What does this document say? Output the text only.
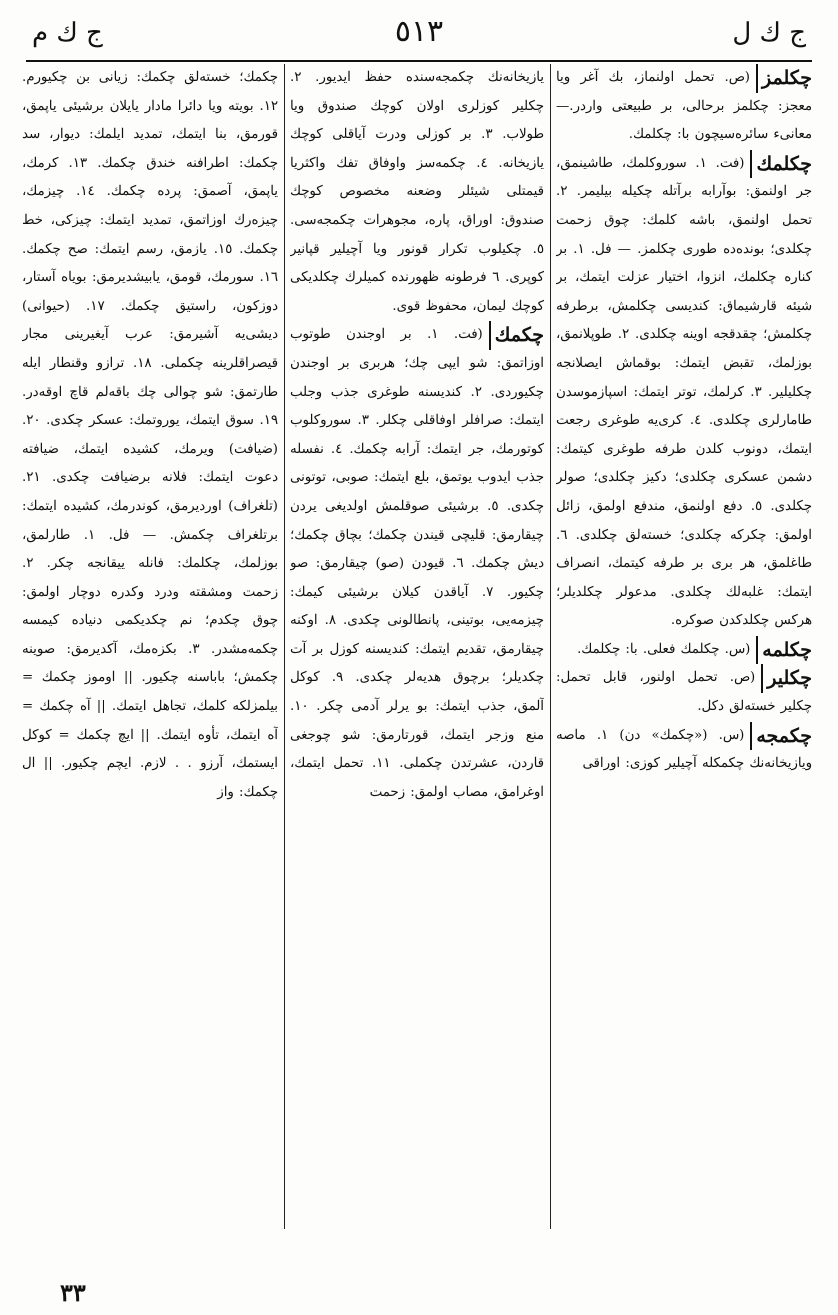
ج ك ل
٥١٣
ج ك م

چكلمز
(ص. تحمل اولنماز، بك آغر ويا معجز: چكلمز برحالى، بر طبيعتى واردر.— معانىء سائره‌سيچون با: چكلمك.

چكلمك
(فت. ١. سوروكلمك، طاشينمق، جر اولنمق: بوآرابه برآتله چكيله بيليمر. ٢. تحمل اولنمق، باشه كلمك: چوق زحمت چكلدى؛ بونده‌ده طورى چكلمز. — فل. ١. بر كناره چكلمك، انزوا، اختيار عزلت ايتمك، بر شيئه قارشيماق: كنديسى چكلمش، برطرفه چكلمش؛ چقدقجه اوينه چكلدى. ٢. طوپلانمق، بوزلمك، تقبض ايتمك: بوقماش ايصلانجه چكليلير. ٣. كرلمك، توتر ايتمك: اسپازموسدن طامارلرى چكلدى. ٤. كرى‌يه طوغرى رجعت ايتمك، دونوب كلدن طرفه طوغرى كيتمك: دشمن عسكرى چكلدى؛ دكيز چكلدى؛ صولر چكلدى. ٥. دفع اولنمق، مندفع اولمق، زائل اولمق: چكركه چكلدى؛ خسته‌لق چكلدى. ٦. طاغلمق، هر برى بر طرفه كيتمك، انصراف ايتمك: غلبه‌لك چكلدى. مدعولر چكلديلر؛ هركس چكلدكدن صوكره.

چكلمه
(س. چكلمك فعلى. با: چكلمك.

چكلير
(ص. تحمل اولنور، قابل تحمل: چكلير خسته‌لق دكل.

چكمجه
(س. («چكمك» دن) ١. ماصه ويازيخانه‌نك چكمكله آچيلير كوزى: اوراقى

يازيخانه‌نك چكمجه‌سنده حفظ ايديور. ٢. چكلير كوزلرى اولان كوچك صندوق ويا طولاب. ٣. بر كوزلى ودرت آياقلى كوچك يازيخانه. ٤. چكمه‌سز واوفاق تفك واكثريا قيمتلى شيئلر وضعنه مخصوص كوچك صندوق: اوراق، پاره، مجوهرات چكمجه‌سى. ٥. چكيلوب تكرار قونور ويا آچيلير قپانير كوپرى. ٦ فرطونه ظهورنده كميلرك چكلديكى كوچك ليمان، محفوظ قوى.

چكمك
(فت. ١. بر اوجندن طوتوب اوزاتمق: شو ايپى چك؛ هربرى بر اوجندن چكيوردى. ٢. كنديسنه طوغرى جذب وجلب ايتمك: صرافلر اوفاقلى چكلر. ٣. سوروكلوب كوتورمك، جر ايتمك: آرابه چكمك. ٤. نفسله جذب ايدوب يوتمق، بلع ايتمك: صوبى، توتونى چكدى. ٥. برشيئى صوقلمش اولديغى يردن چيقارمق: قليچى قيندن چكمك؛ بچاق چكمك؛ ديش چكمك. ٦. قيودن (صو) چيقارمق: صو چكيور. ٧. آياقدن كيلان برشيئى كيمك: چيزمه‌يى، بوتينى، پانطالونى چكدى. ٨. اوكنه چيقارمق، تقديم ايتمك: كنديسنه كوزل بر آت چكديلر؛ برچوق هديه‌لر چكدى. ٩. كوكل آلمق، جذب ايتمك: بو يرلر آدمى چكر. ١٠. منع وزجر ايتمك، قورتارمق: شو چوجغى قاردن، عشرتدن چكملى. ١١. تحمل ايتمك، اوغرامق، مصاب اولمق: زحمت

چكمك؛ خسته‌لق چكمك: زيانى بن چكيورم. ١٢. بويته ويا دائرا مادار يايلان برشيئى ياپمق، قورمق، بنا ايتمك، تمديد ايلمك: ديوار، سد چكمك: اطرافنه خندق چكمك. ١٣. كرمك، ياپمق، آصمق: پرده چكمك. ١٤. چيزمك، چيزه‌رك اوزاتمق، تمديد ايتمك: چيزكى، خط چكمك. ١٥. يازمق، رسم ايتمك: صح چكمك. ١٦. سورمك، قومق، يابيشديرمق: بوياه آستار، دوزكون، راستيق چكمك. ١٧. (حيوانى) ديشى‌يه آشيرمق: عرب آيغيرينى مجار قيصراقلرينه چكملى. ١٨. ترازو وقنطار ايله طارتمق: شو چوالى چك باقه‌لم قاچ اوقه‌در. ١٩. سوق ايتمك، يوروتمك: عسكر چكدى. ٢٠. (ضيافت) ويرمك، كشيده ايتمك، ضيافته دعوت ايتمك: فلانه برضيافت چكدى. ٢١. (تلغراف) اورديرمق، كوندرمك، كشيده ايتمك: برتلغراف چكمش. — فل. ١. طارلمق، بوزلمك، چكلمك: فانله ييقانجه چكر. ٢. زحمت ومشقته ودرد وكدره دوچار اولمق: چوق چكدم؛ نم چكديكمى دنياده كيمسه چكمه‌مشدر. ٣. بكزه‌مك، آكديرمق: صوينه چكمش؛ باباسنه چكيور. || اوموز چكمك = بيلمزلكه كلمك، تجاهل ايتمك. || آه چكمك = آه ايتمك، تأوه ايتمك. || ايچ چكمك = كوكل ايستمك، آرزو . . لازم. ايچم چكيور. || ال چكمك: واز

٣٣
